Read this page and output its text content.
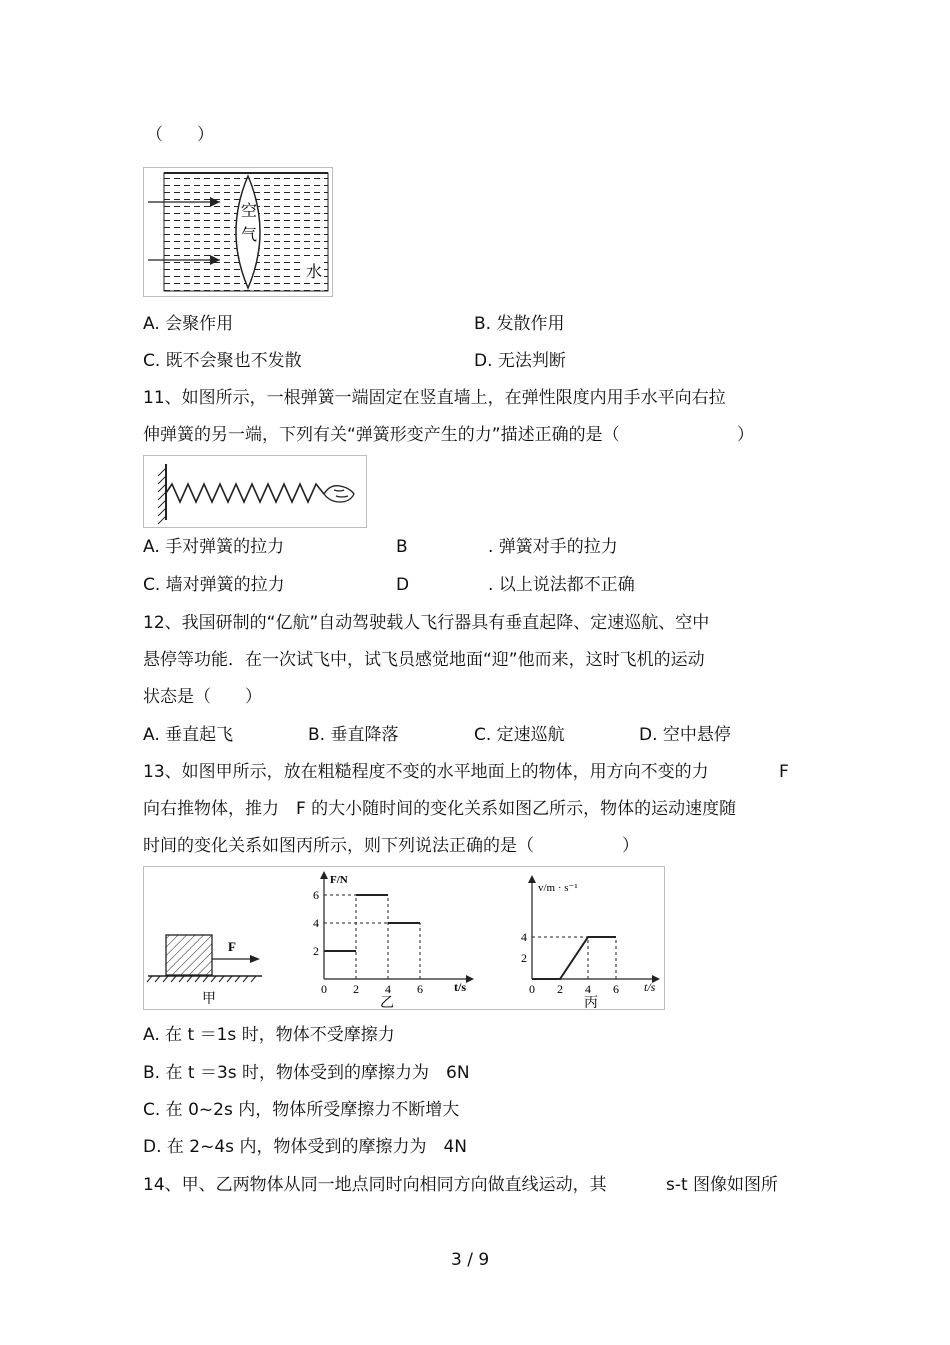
（　　）
空
气
水
A. 会聚作用	B. 发散作用
C. 既不会聚也不发散	D. 无法判断
11、如图所示，一根弹簧一端固定在竖直墙上，在弹性限度内用手水平向右拉
伸弹簧的另一端，下列有关“弹簧形变产生的力”描述正确的是（	）
A. 手对弹簧的拉力	B	. 弹簧对手的拉力
C. 墙对弹簧的拉力	D	. 以上说法都不正确
12、我国研制的“亿航”自动驾驶载人飞行器具有垂直起降、定速巡航、空中
悬停等功能．在一次试飞中，试飞员感觉地面“迎”他而来，这时飞机的运动
状态是（　　）
A. 垂直起飞	B. 垂直降落	C. 定速巡航	D. 空中悬停
13、如图甲所示，放在粗糙程度不变的水平地面上的物体，用方向不变的力	F
向右推物体，推力　F 的大小随时间的变化关系如图乙所示，物体的运动速度随
时间的变化关系如图丙所示，则下列说法正确的是（	）
F
甲
F/N
t/s
0 2 4 6
2
4
6
乙
v/m · s⁻¹
t/s
0 2 4 6
2
4
丙
A. 在 t ＝1s 时，物体不受摩擦力
B. 在 t ＝3s 时，物体受到的摩擦力为　6N
C. 在 0~2s 内，物体所受摩擦力不断增大
D. 在 2~4s 内，物体受到的摩擦力为　4N
14、甲、乙两物体从同一地点同时向相同方向做直线运动，其	s-t 图像如图所
3 / 9
